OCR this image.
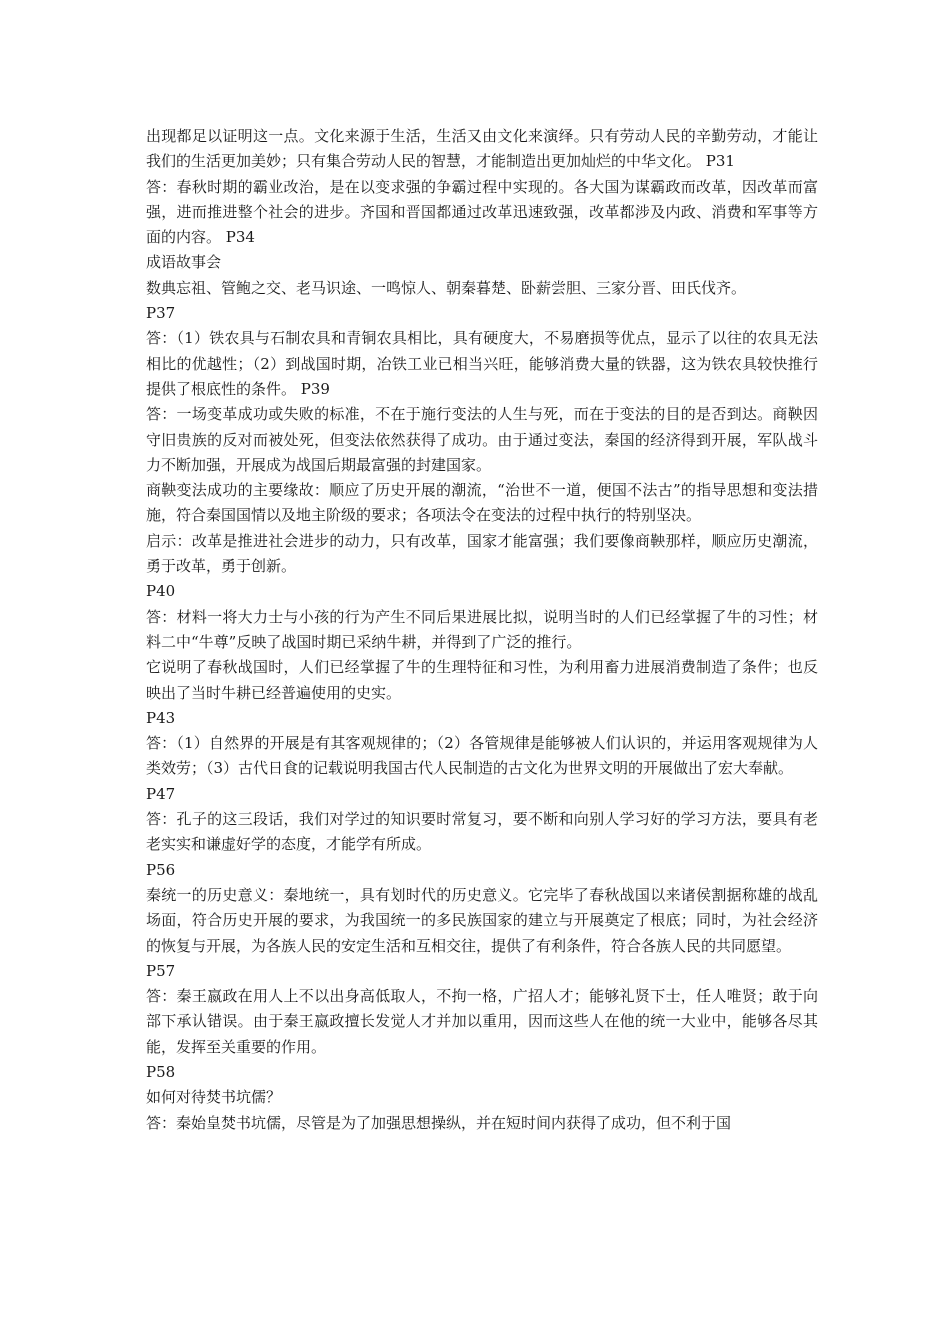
出现都足以证明这一点。文化来源于生活，生活又由文化来演绎。只有劳动人民的辛勤劳动，才能让我们的生活更加美妙；只有集合劳动人民的智慧，才能制造出更加灿烂的中华文化。 P31

答：春秋时期的霸业改治，是在以变求强的争霸过程中实现的。各大国为谋霸政而改革，因改革而富强，进而推进整个社会的进步。齐国和晋国都通过改革迅速致强，改革都涉及内政、消费和军事等方面的内容。 P34

成语故事会

数典忘祖、管鲍之交、老马识途、一鸣惊人、朝秦暮楚、卧薪尝胆、三家分晋、田氏伐齐。

P37

答：（1）铁农具与石制农具和青铜农具相比，具有硬度大，不易磨损等优点，显示了以往的农具无法相比的优越性；（2）到战国时期，冶铁工业已相当兴旺，能够消费大量的铁器，这为铁农具较快推行提供了根底性的条件。 P39

答：一场变革成功或失败的标准，不在于施行变法的人生与死，而在于变法的目的是否到达。商鞅因守旧贵族的反对而被处死，但变法依然获得了成功。由于通过变法，秦国的经济得到开展，军队战斗力不断加强，开展成为战国后期最富强的封建国家。

商鞅变法成功的主要缘故：顺应了历史开展的潮流，“治世不一道，便国不法古”的指导思想和变法措施，符合秦国国情以及地主阶级的要求；各项法令在变法的过程中执行的特别坚决。

启示：改革是推进社会进步的动力，只有改革，国家才能富强；我们要像商鞅那样，顺应历史潮流，勇于改革，勇于创新。

P40

答：材料一将大力士与小孩的行为产生不同后果进展比拟，说明当时的人们已经掌握了牛的习性；材料二中“牛尊”反映了战国时期已采纳牛耕，并得到了广泛的推行。

它说明了春秋战国时，人们已经掌握了牛的生理特征和习性，为利用畜力进展消费制造了条件；也反映出了当时牛耕已经普遍使用的史实。

P43

答：（1）自然界的开展是有其客观规律的；（2）各管规律是能够被人们认识的，并运用客观规律为人类效劳；（3）古代日食的记载说明我国古代人民制造的古文化为世界文明的开展做出了宏大奉献。

P47

答：孔子的这三段话，我们对学过的知识要时常复习，要不断和向别人学习好的学习方法，要具有老老实实和谦虚好学的态度，才能学有所成。

P56

秦统一的历史意义：秦地统一，具有划时代的历史意义。它完毕了春秋战国以来诸侯割据称雄的战乱场面，符合历史开展的要求，为我国统一的多民族国家的建立与开展奠定了根底；同时，为社会经济的恢复与开展，为各族人民的安定生活和互相交往，提供了有利条件，符合各族人民的共同愿望。

P57

答：秦王嬴政在用人上不以出身高低取人，不拘一格，广招人才；能够礼贤下士，任人唯贤；敢于向部下承认错误。由于秦王嬴政擅长发觉人才并加以重用，因而这些人在他的统一大业中，能够各尽其能，发挥至关重要的作用。

P58

如何对待焚书坑儒？

答：秦始皇焚书坑儒，尽管是为了加强思想操纵，并在短时间内获得了成功，但不利于国
